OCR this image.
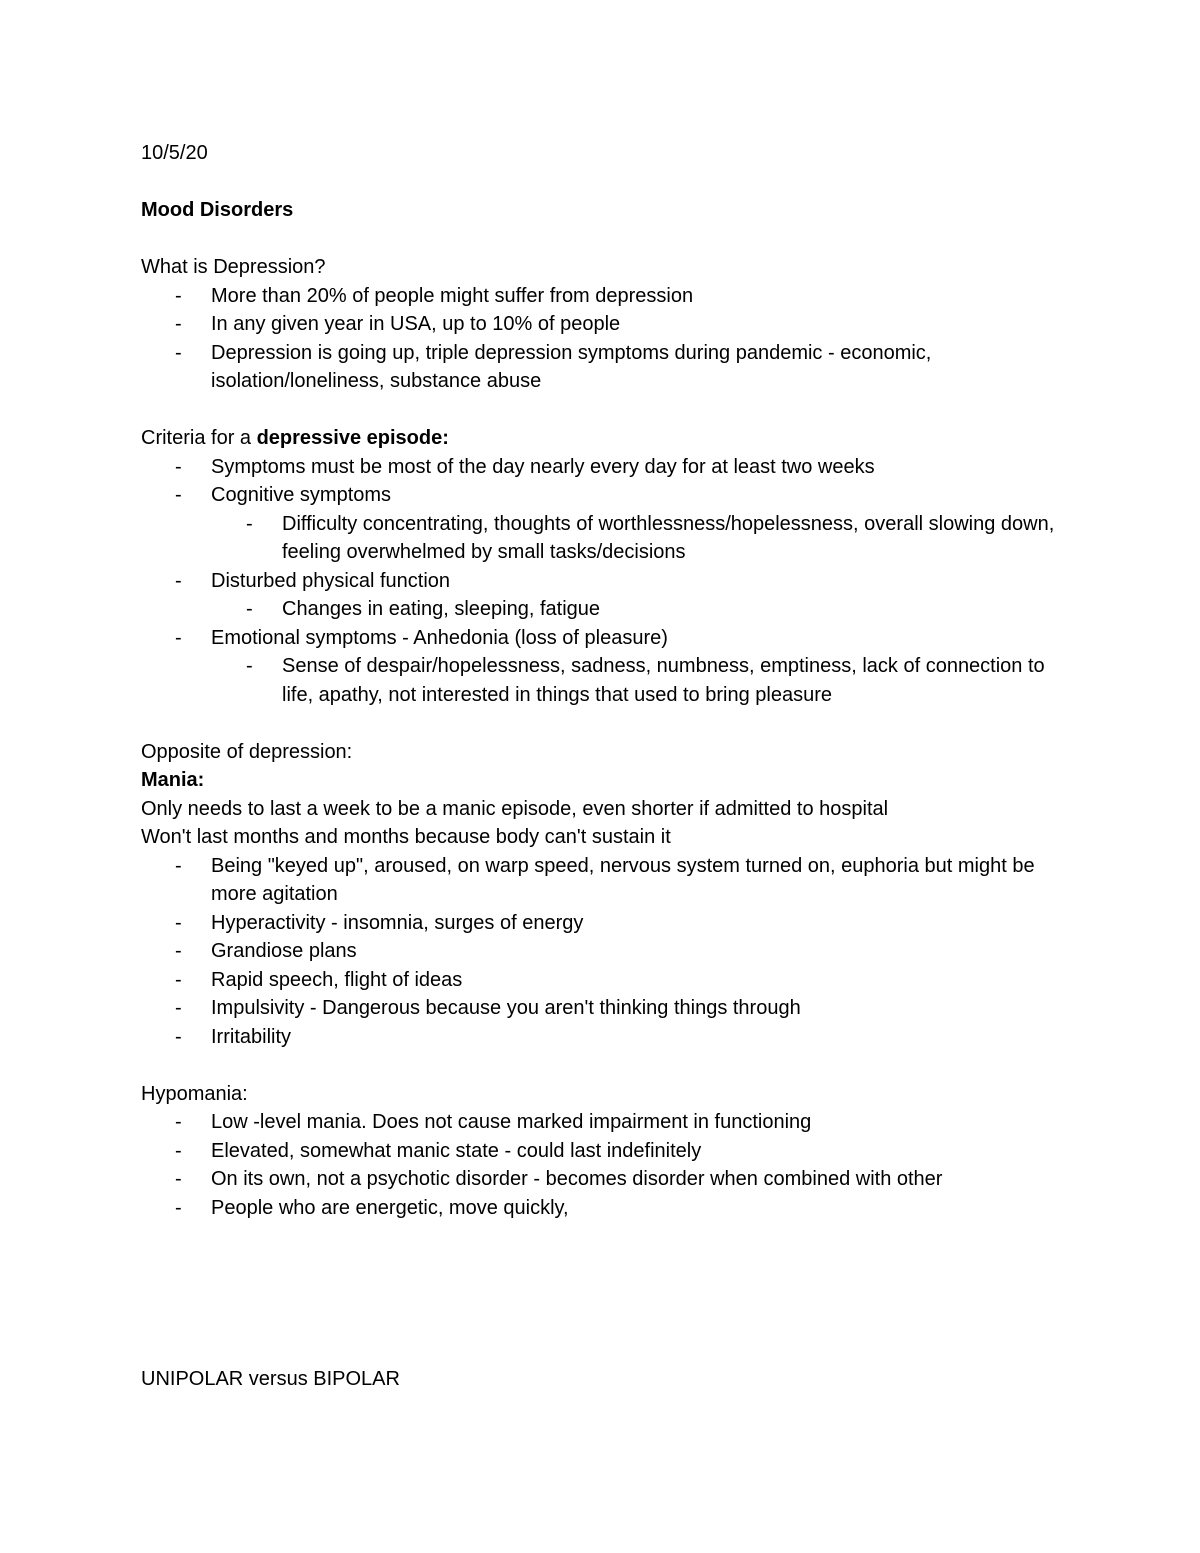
10/5/20

Mood Disorders

What is Depression?

- More than 20% of people might suffer from depression
- In any given year in USA, up to 10% of people
- Depression is going up, triple depression symptoms during pandemic - economic, isolation/loneliness, substance abuse

Criteria for a depressive episode:

- Symptoms must be most of the day nearly every day for at least two weeks
- Cognitive symptoms
- Difficulty concentrating, thoughts of worthlessness/hopelessness, overall slowing down, feeling overwhelmed by small tasks/decisions
- Disturbed physical function
- Changes in eating, sleeping, fatigue
- Emotional symptoms - Anhedonia (loss of pleasure)
- Sense of despair/hopelessness, sadness, numbness, emptiness, lack of connection to life, apathy, not interested in things that used to bring pleasure

Opposite of depression:

Mania:

Only needs to last a week to be a manic episode, even shorter if admitted to hospital

Won't last months and months because body can't sustain it

- Being "keyed up", aroused, on warp speed, nervous system turned on, euphoria but might be more agitation
- Hyperactivity - insomnia, surges of energy
- Grandiose plans
- Rapid speech, flight of ideas
- Impulsivity - Dangerous because you aren't thinking things through
- Irritability

Hypomania:

- Low -level mania. Does not cause marked impairment in functioning
- Elevated, somewhat manic state - could last indefinitely
- On its own, not a psychotic disorder - becomes disorder when combined with other
- People who are energetic, move quickly,

UNIPOLAR versus BIPOLAR
